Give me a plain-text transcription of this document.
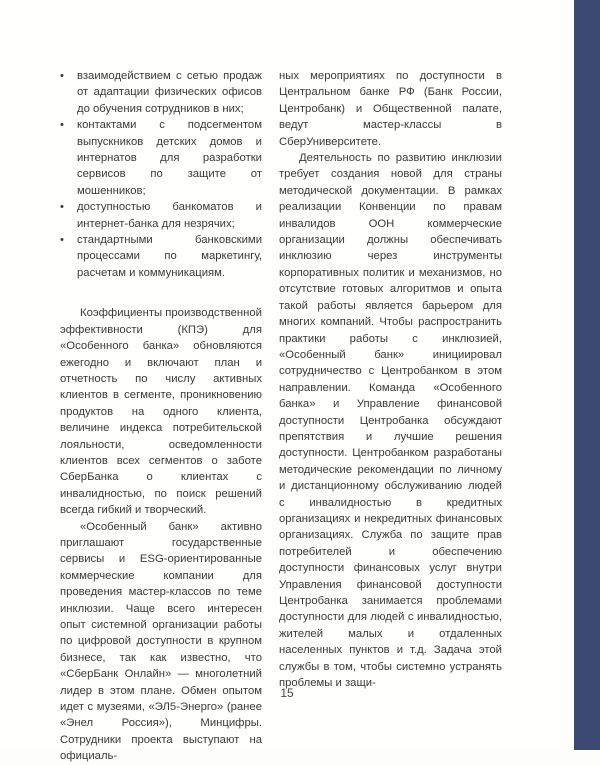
• взаимодействием с сетью продаж от адаптации физических офисов до обучения сотрудников в них;
• контактами с подсегментом выпускников детских домов и интернатов для разработки сервисов по защите от мошенников;
• доступностью банкоматов и интернет-банка для незрячих;
• стандартными банковскими процессами по маркетингу, расчетам и коммуникациям.

Коэффициенты производственной эффективности (КПЭ) для «Особенного банка» обновляются ежегодно и включают план и отчетность по числу активных клиентов в сегменте, проникновению продуктов на одного клиента, величине индекса потребительской лояльности, осведомленности клиентов всех сегментов о заботе СберБанка о клиентах с инвалидностью, по поиск решений всегда гибкий и творческий.

«Особенный банк» активно приглашают государственные сервисы и ESG-ориентированные коммерческие компании для проведения мастер-классов по теме инклюзии. Чаще всего интересен опыт системной организации работы по цифровой доступности в крупном бизнесе, так как известно, что «СберБанк Онлайн» — многолетний лидер в этом плане. Обмен опытом идет с музеями, «ЭЛ5-Энерго» (ранее «Энел Россия»), Минцифры. Сотрудники проекта выступают на официаль-

ных мероприятиях по доступности в Центральном банке РФ (Банк России, Центробанк) и Общественной палате, ведут мастер-классы в СберУниверситете.

Деятельность по развитию инклюзии требует создания новой для страны методической документации. В рамках реализации Конвенции по правам инвалидов ООН коммерческие организации должны обеспечивать инклюзию через инструменты корпоративных политик и механизмов, но отсутствие готовых алгоритмов и опыта такой работы является барьером для многих компаний. Чтобы распространить практики работы с инклюзией, «Особенный банк» инициировал сотрудничество с Центробанком в этом направлении. Команда «Особенного банка» и Управление финансовой доступности Центробанка обсуждают препятствия и лучшие решения доступности. Центробанком разработаны методические рекомендации по личному и дистанционному обслуживанию людей с инвалидностью в кредитных организациях и некредитных финансовых организациях. Служба по защите прав потребителей и обеспечению доступности финансовых услуг внутри Управления финансовой доступности Центробанка занимается проблемами доступности для людей с инвалидностью, жителей малых и отдаленных населенных пунктов и т.д. Задача этой службы в том, чтобы системно устранять проблемы и защи-

15
